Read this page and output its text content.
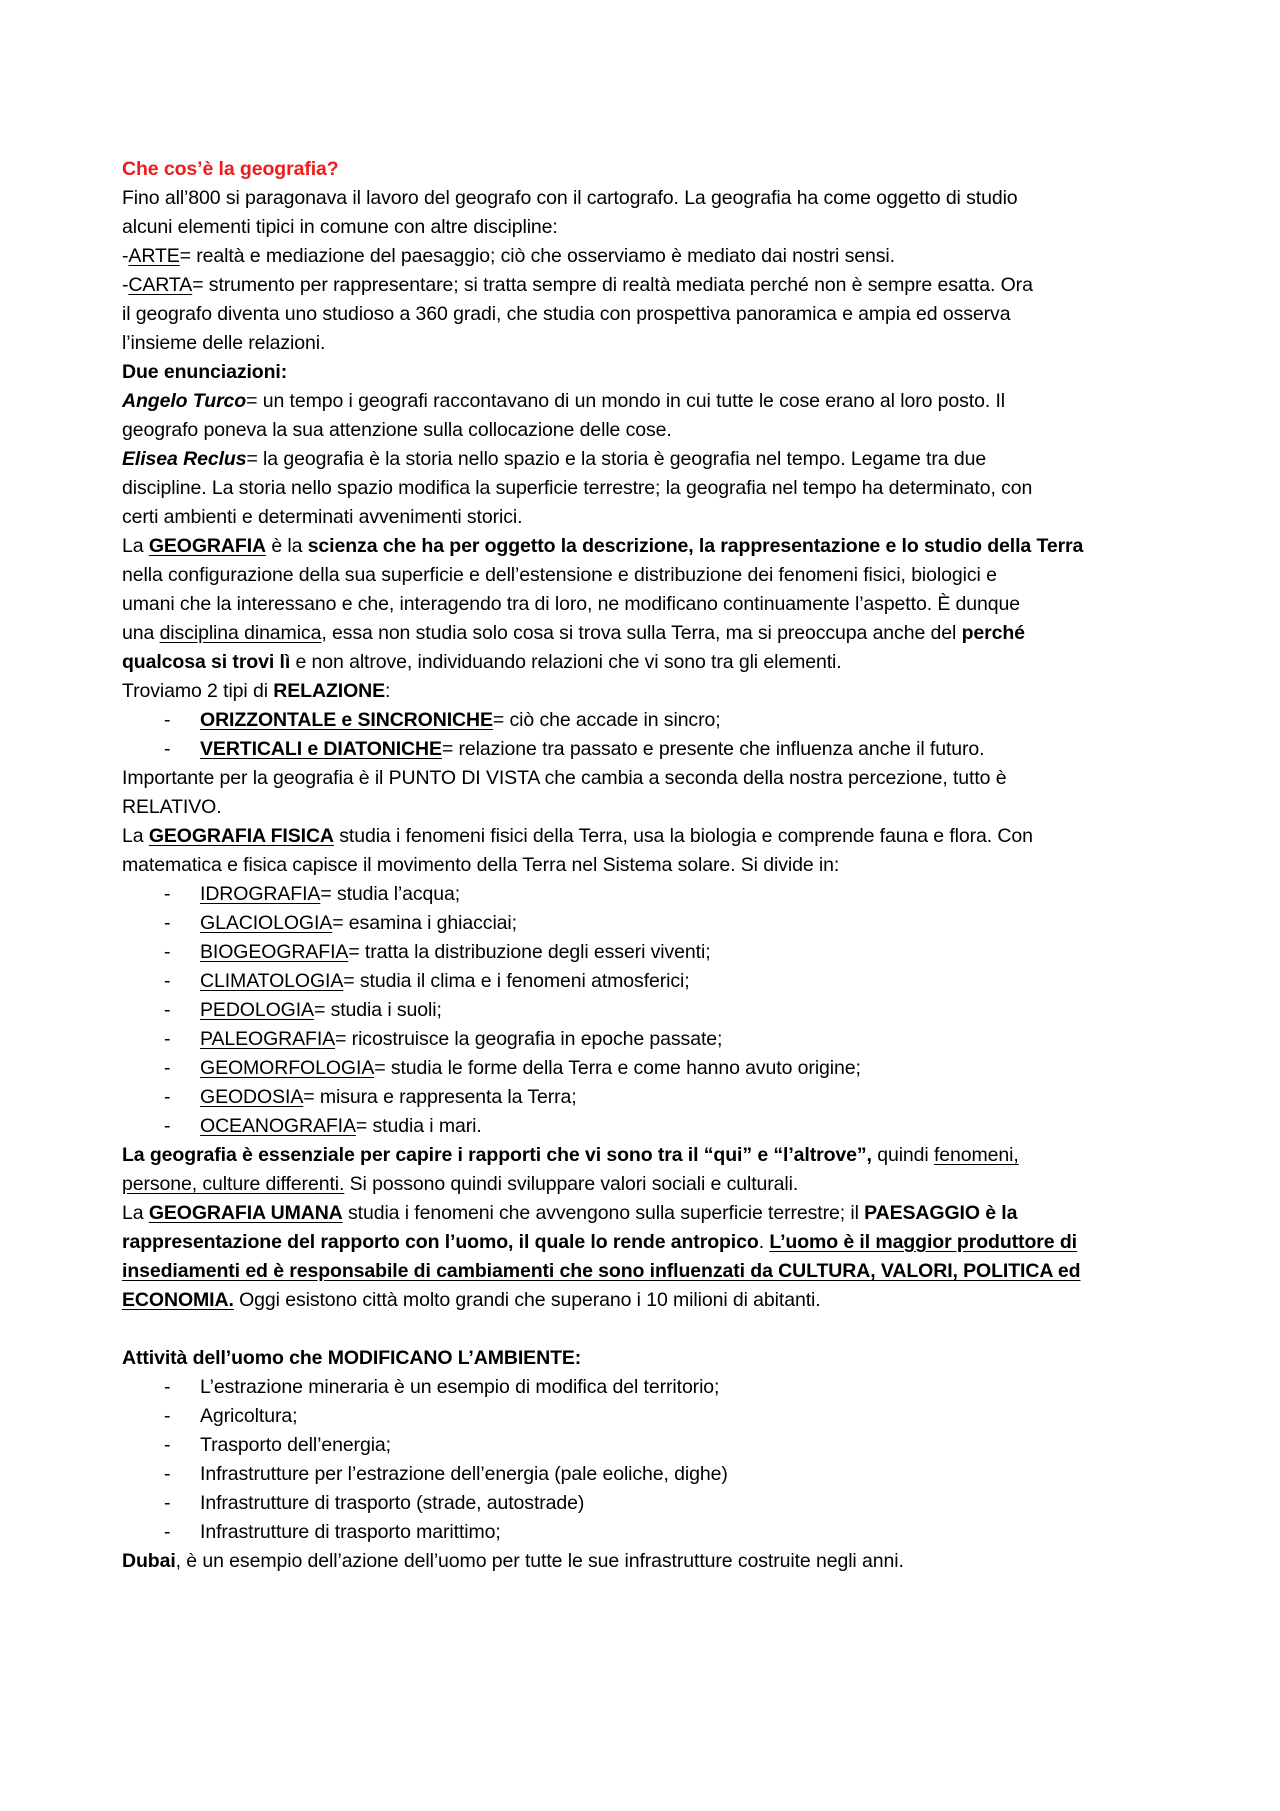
Che cos’è la geografia?
Fino all’800 si paragonava il lavoro del geografo con il cartografo. La geografia ha come oggetto di studio
alcuni elementi tipici in comune con altre discipline:
-ARTE= realtà e mediazione del paesaggio; ciò che osserviamo è mediato dai nostri sensi.
-CARTA= strumento per rappresentare; si tratta sempre di realtà mediata perché non è sempre esatta. Ora
il geografo diventa uno studioso a 360 gradi, che studia con prospettiva panoramica e ampia ed osserva
l’insieme delle relazioni.
Due enunciazioni:
Angelo Turco= un tempo i geografi raccontavano di un mondo in cui tutte le cose erano al loro posto. Il
geografo poneva la sua attenzione sulla collocazione delle cose.
Elisea Reclus= la geografia è la storia nello spazio e la storia è geografia nel tempo. Legame tra due
discipline. La storia nello spazio modifica la superficie terrestre; la geografia nel tempo ha determinato, con
certi ambienti e determinati avvenimenti storici.
La GEOGRAFIA è la scienza che ha per oggetto la descrizione, la rappresentazione e lo studio della Terra
nella configurazione della sua superficie e dell’estensione e distribuzione dei fenomeni fisici, biologici e
umani che la interessano e che, interagendo tra di loro, ne modificano continuamente l’aspetto. È dunque
una disciplina dinamica, essa non studia solo cosa si trova sulla Terra, ma si preoccupa anche del perché
qualcosa si trovi lì e non altrove, individuando relazioni che vi sono tra gli elementi.
Troviamo 2 tipi di RELAZIONE:
- ORIZZONTALE e SINCRONICHE= ciò che accade in sincro;
- VERTICALI e DIATONICHE= relazione tra passato e presente che influenza anche il futuro.
Importante per la geografia è il PUNTO DI VISTA che cambia a seconda della nostra percezione, tutto è
RELATIVO.
La GEOGRAFIA FISICA studia i fenomeni fisici della Terra, usa la biologia e comprende fauna e flora. Con
matematica e fisica capisce il movimento della Terra nel Sistema solare. Si divide in:
- IDROGRAFIA= studia l’acqua;
- GLACIOLOGIA= esamina i ghiacciai;
- BIOGEOGRAFIA= tratta la distribuzione degli esseri viventi;
- CLIMATOLOGIA= studia il clima e i fenomeni atmosferici;
- PEDOLOGIA= studia i suoli;
- PALEOGRAFIA= ricostruisce la geografia in epoche passate;
- GEOMORFOLOGIA= studia le forme della Terra e come hanno avuto origine;
- GEODOSIA= misura e rappresenta la Terra;
- OCEANOGRAFIA= studia i mari.
La geografia è essenziale per capire i rapporti che vi sono tra il “qui” e “l’altrove”, quindi fenomeni,
persone, culture differenti. Si possono quindi sviluppare valori sociali e culturali.
La GEOGRAFIA UMANA studia i fenomeni che avvengono sulla superficie terrestre; il PAESAGGIO è la
rappresentazione del rapporto con l’uomo, il quale lo rende antropico. L’uomo è il maggior produttore di
insediamenti ed è responsabile di cambiamenti che sono influenzati da CULTURA, VALORI, POLITICA ed
ECONOMIA. Oggi esistono città molto grandi che superano i 10 milioni di abitanti.
Attività dell’uomo che MODIFICANO L’AMBIENTE:
- L’estrazione mineraria è un esempio di modifica del territorio;
- Agricoltura;
- Trasporto dell’energia;
- Infrastrutture per l’estrazione dell’energia (pale eoliche, dighe)
- Infrastrutture di trasporto (strade, autostrade)
- Infrastrutture di trasporto marittimo;
Dubai, è un esempio dell’azione dell’uomo per tutte le sue infrastrutture costruite negli anni.
